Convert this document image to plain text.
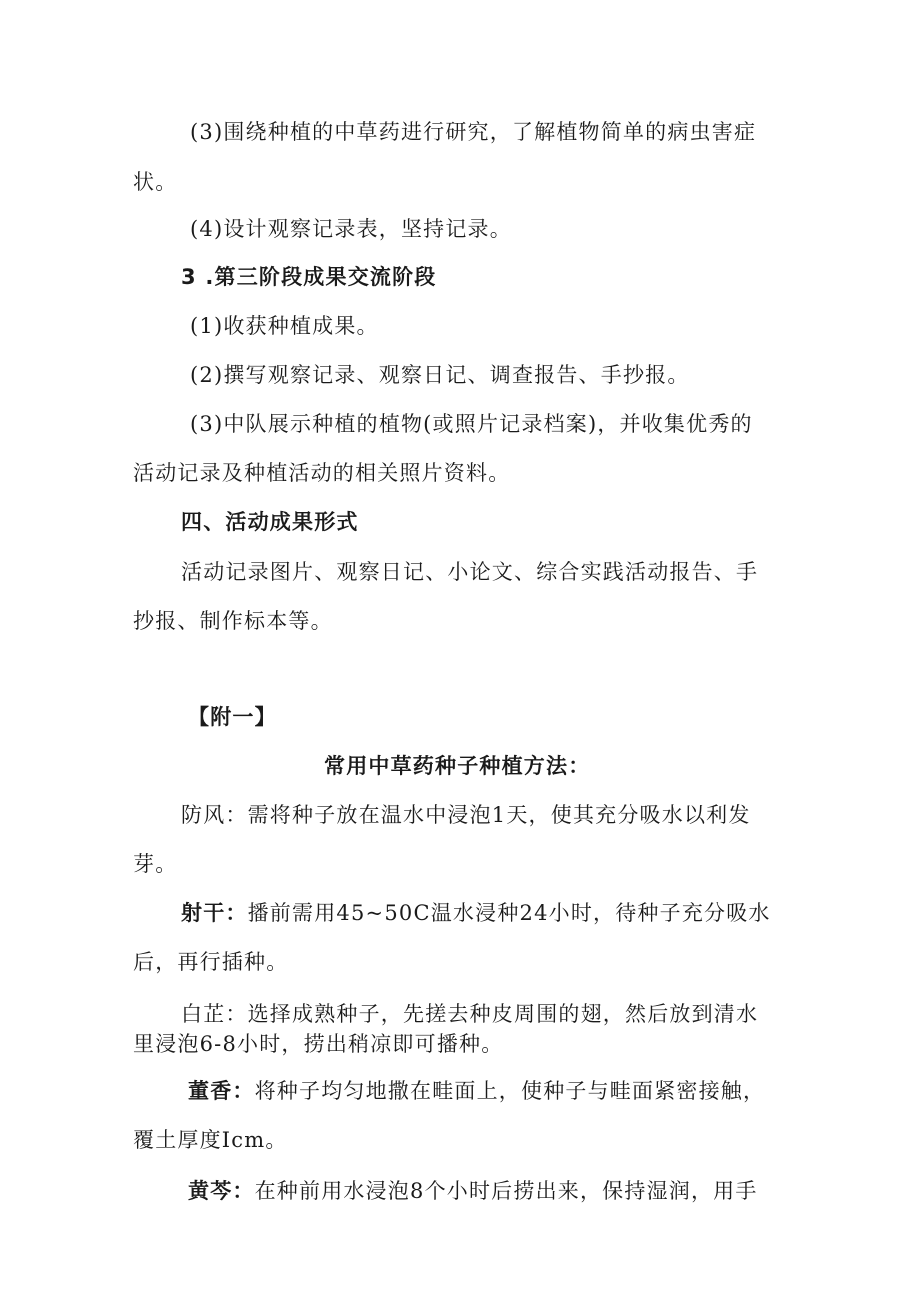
(3)围绕种植的中草药进行研究，了解植物简单的病虫害症
状。
(4)设计观察记录表，坚持记录。
3 .第三阶段成果交流阶段
(1)收获种植成果。
(2)撰写观察记录、观察日记、调查报告、手抄报。
(3)中队展示种植的植物(或照片记录档案)，并收集优秀的
活动记录及种植活动的相关照片资料。
四、活动成果形式
活动记录图片、观察日记、小论文、综合实践活动报告、手
抄报、制作标本等。
【附一】
常用中草药种子种植方法：
防风：需将种子放在温水中浸泡1天，使其充分吸水以利发
芽。
射干：播前需用45~50C温水浸种24小时，待种子充分吸水
后，再行插种。
白芷：选择成熟种子，先搓去种皮周围的翅，然后放到清水
里浸泡6-8小时，捞出稍凉即可播种。
董香：将种子均匀地撒在畦面上，使种子与畦面紧密接触，
覆土厚度Icm。
黄芩：在种前用水浸泡8个小时后捞出来，保持湿润，用手
